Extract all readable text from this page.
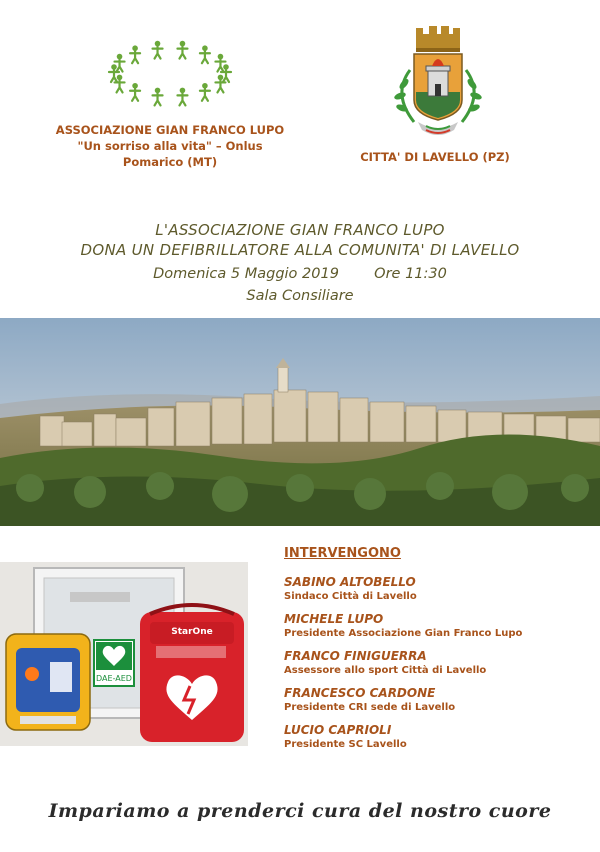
ASSOCIAZIONE GIAN FRANCO LUPO
"Un sorriso alla vita" – Onlus
Pomarico (MT)	CITTA' DI LAVELLO (PZ)
L'ASSOCIAZIONE GIAN FRANCO LUPO
DONA UN DEFIBRILLATORE ALLA COMUNITA' DI LAVELLO
Domenica 5 Maggio 2019 Ore 11:30
Sala Consiliare
DAE-AED
StarOne
INTERVENGONO
SABINO ALTOBELLO
Sindaco Città di Lavello
MICHELE LUPO
Presidente Associazione Gian Franco Lupo
FRANCO FINIGUERRA
Assessore allo sport Città di Lavello
FRANCESCO CARDONE
Presidente CRI sede di Lavello
LUCIO CAPRIOLI
Presidente SC Lavello
Impariamo a prenderci cura del nostro cuore
